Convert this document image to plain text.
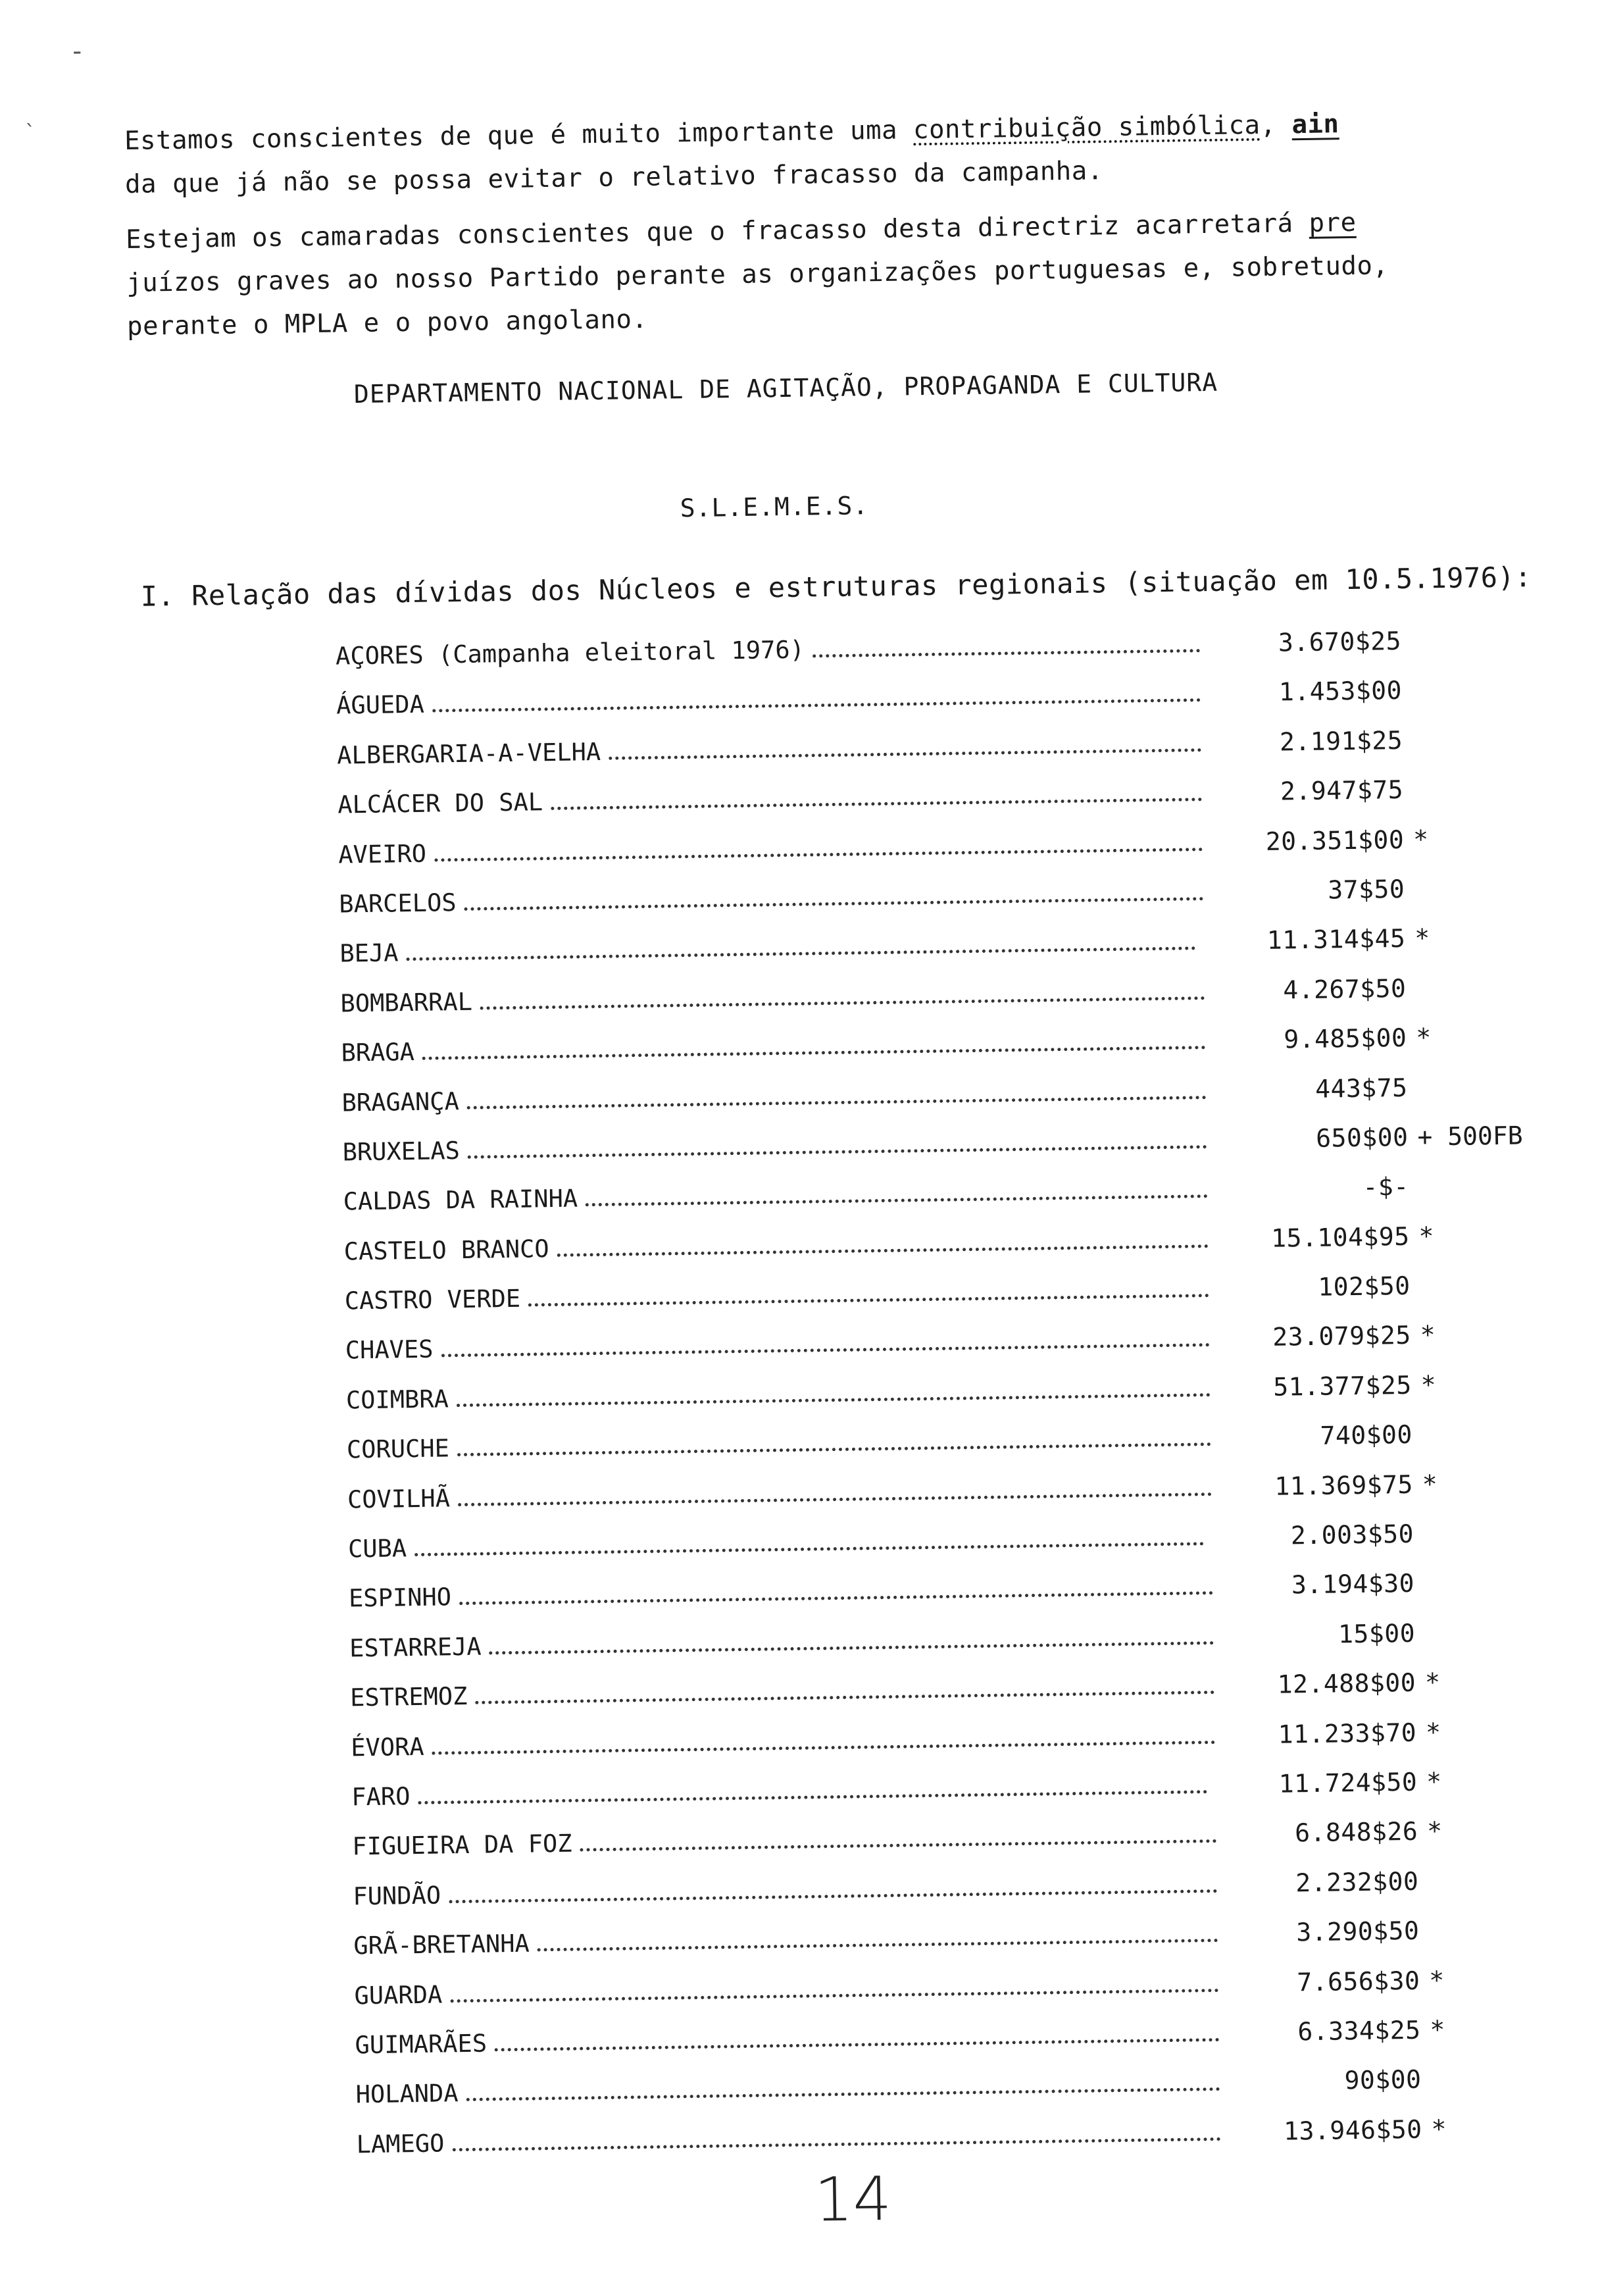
-
`	Estamos conscientes de que é muito importante uma contribuição simbólica, ain
da que já não se possa evitar o relativo fracasso da campanha.
Estejam os camaradas conscientes que o fracasso desta directriz acarretará pre
juízos graves ao nosso Partido perante as organizações portuguesas e, sobretudo,
perante o MPLA e o povo angolano.
DEPARTAMENTO NACIONAL DE AGITAÇÃO, PROPAGANDA E CULTURA
S.L.E.M.E.S.
I. Relação das dívidas dos Núcleos e estruturas regionais (situação em 10.5.1976):
AÇORES (Campanha eleitoral 1976)	3.670$25
ÁGUEDA	1.453$00
ALBERGARIA-A-VELHA	2.191$25
ALCÁCER DO SAL	2.947$75
AVEIRO	20.351$00 *
BARCELOS	37$50
BEJA	11.314$45 *
BOMBARRAL	4.267$50
BRAGA	9.485$00 *
BRAGANÇA	443$75
BRUXELAS	650$00 + 500FB
CALDAS DA RAINHA	-$-
CASTELO BRANCO	15.104$95 *
CASTRO VERDE	102$50
CHAVES	23.079$25 *
COIMBRA	51.377$25 *
CORUCHE	740$00
COVILHÃ	11.369$75 *
CUBA	2.003$50
ESPINHO	3.194$30
ESTARREJA	15$00
ESTREMOZ	12.488$00 *
ÉVORA	11.233$70 *
FARO	11.724$50 *
FIGUEIRA DA FOZ	6.848$26 *
FUNDÃO	2.232$00
GRÃ-BRETANHA	3.290$50
GUARDA	7.656$30 *
GUIMARÃES	6.334$25 *
HOLANDA	90$00
LAMEGO	13.946$50 *
14
